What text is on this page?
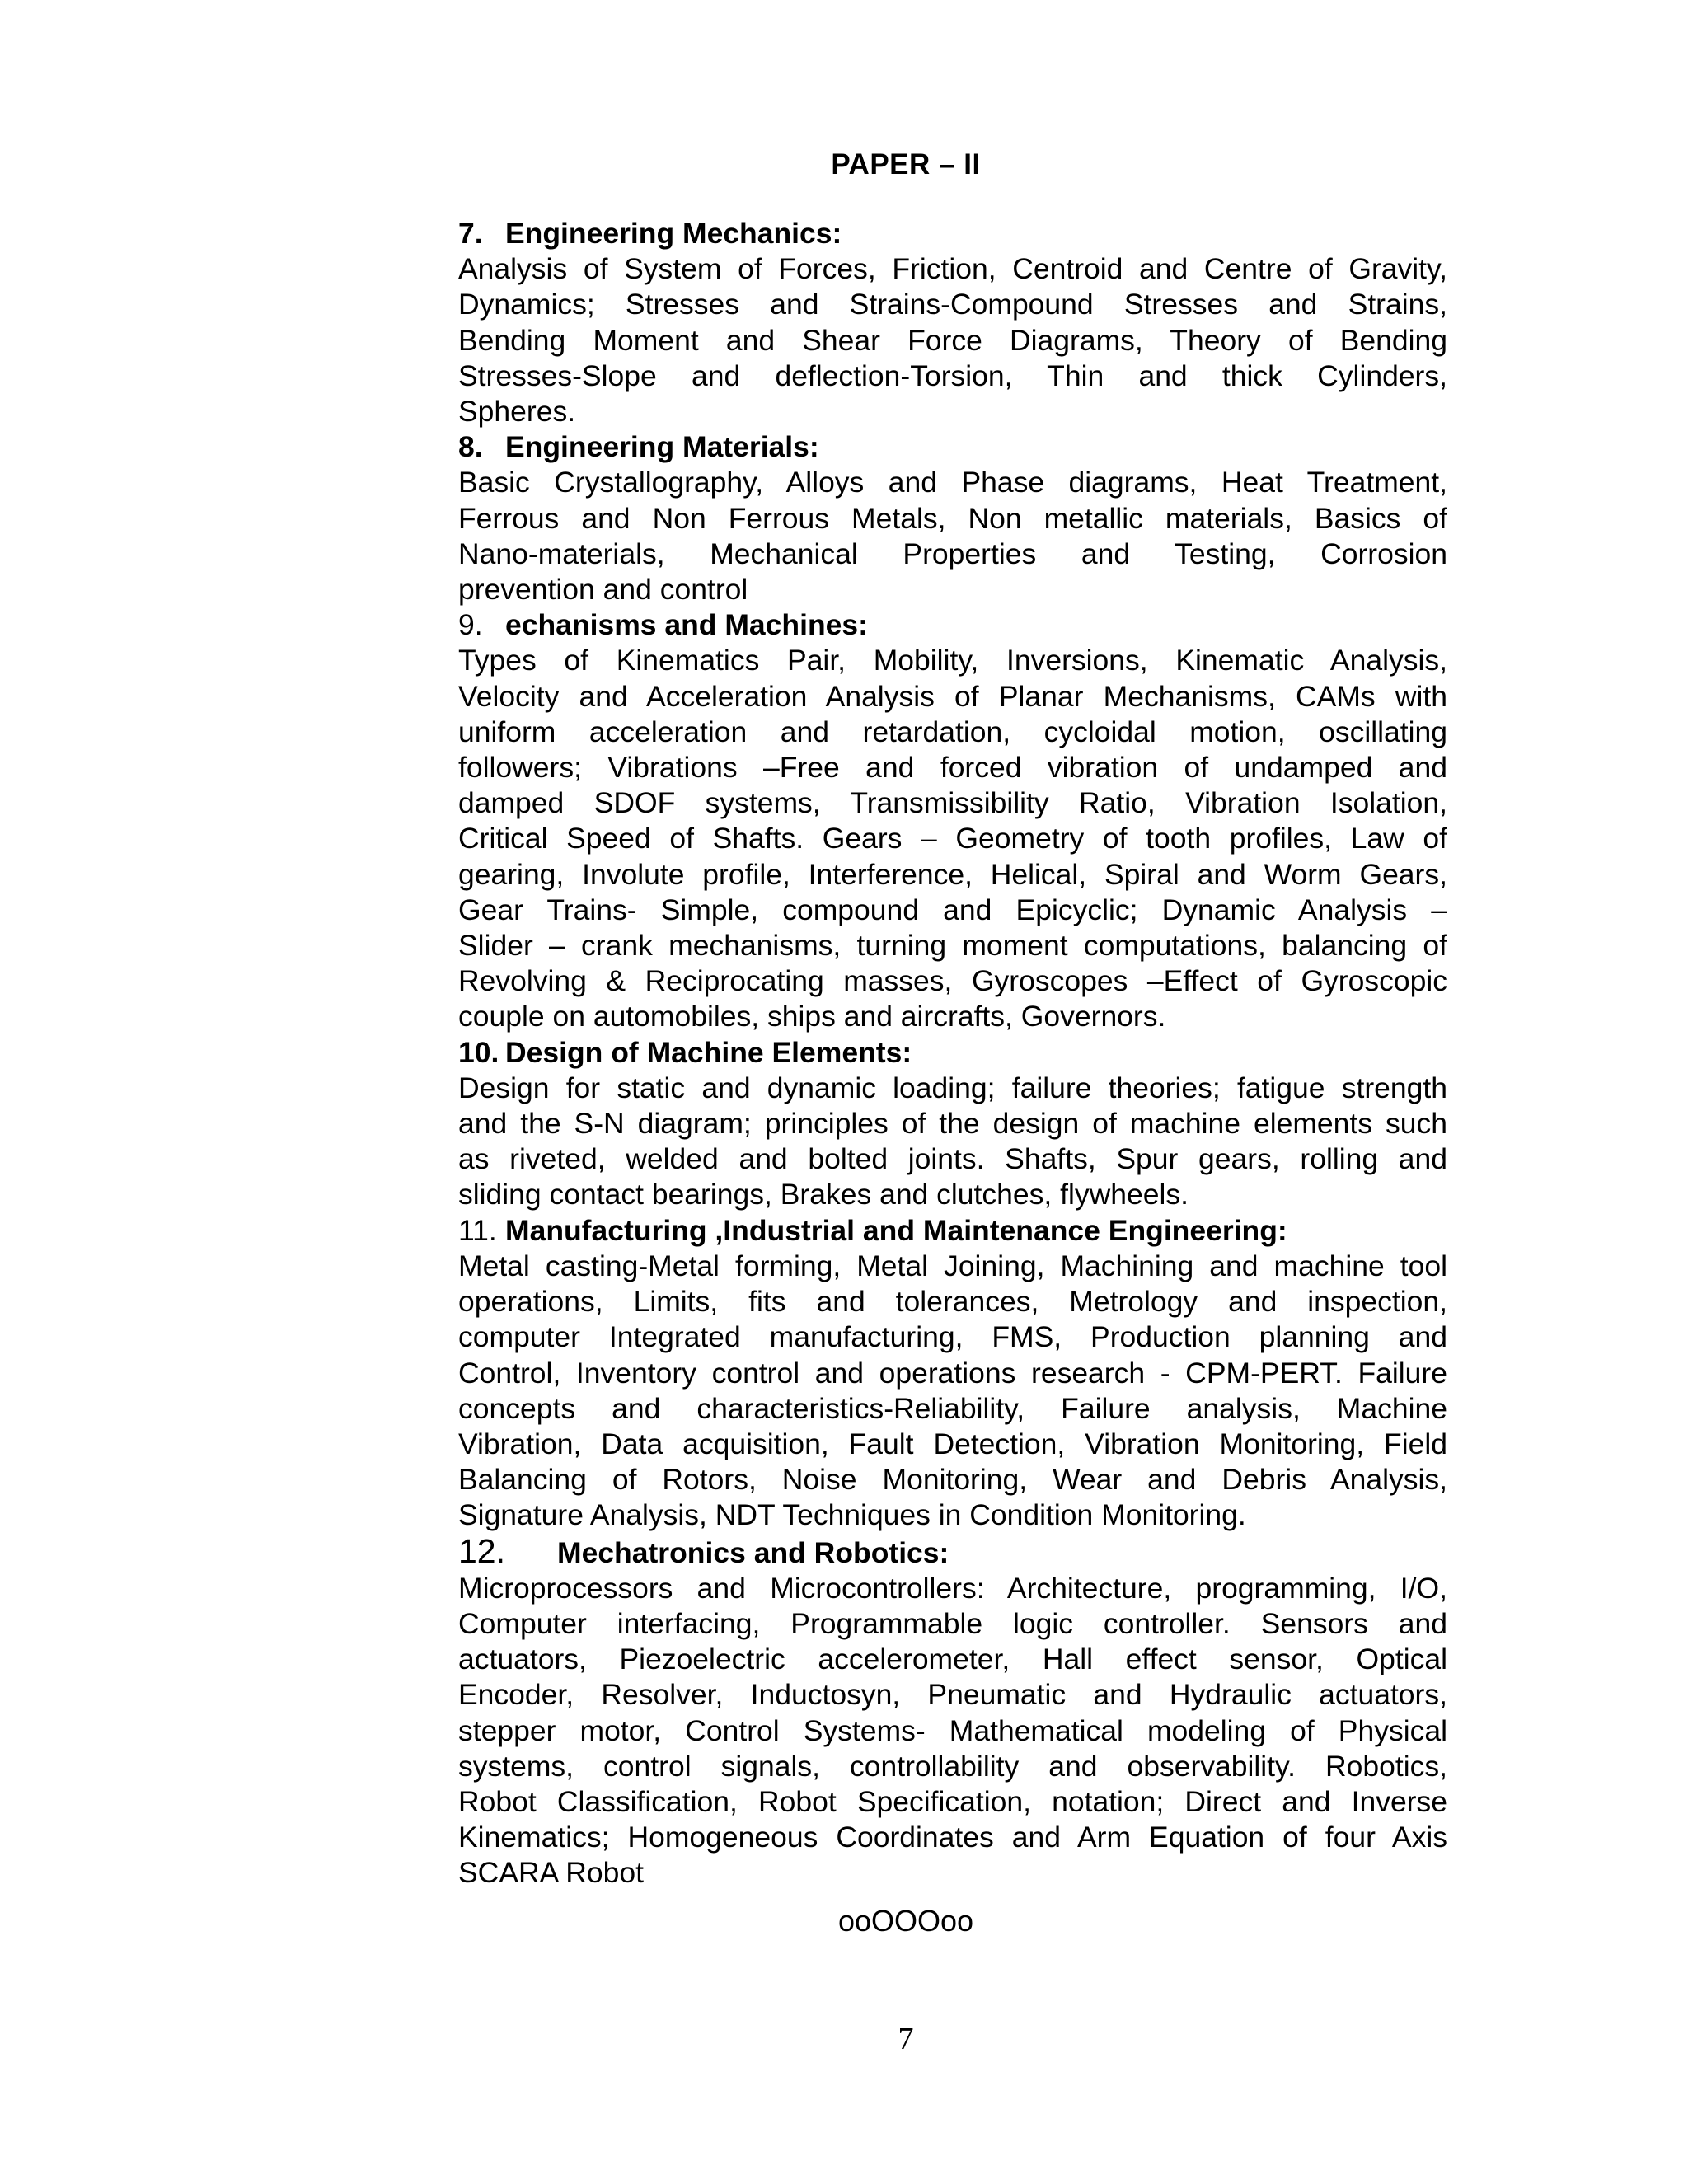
PAPER – II
7. Engineering Mechanics:
Analysis of System of Forces, Friction, Centroid and Centre of Gravity,
Dynamics; Stresses and Strains-Compound Stresses and Strains,
Bending Moment and Shear Force Diagrams, Theory of Bending
Stresses-Slope and deflection-Torsion, Thin and thick Cylinders,
Spheres.
8. Engineering Materials:
Basic Crystallography, Alloys and Phase diagrams, Heat Treatment,
Ferrous and Non Ferrous Metals, Non metallic materials, Basics of
Nano-materials, Mechanical Properties and Testing, Corrosion
prevention and control
9. echanisms and Machines:
Types of Kinematics Pair, Mobility, Inversions, Kinematic Analysis,
Velocity and Acceleration Analysis of Planar Mechanisms, CAMs with
uniform acceleration and retardation, cycloidal motion, oscillating
followers; Vibrations –Free and forced vibration of undamped and
damped SDOF systems, Transmissibility Ratio, Vibration Isolation,
Critical Speed of Shafts. Gears – Geometry of tooth profiles, Law of
gearing, Involute profile, Interference, Helical, Spiral and Worm Gears,
Gear Trains- Simple, compound and Epicyclic; Dynamic Analysis –
Slider – crank mechanisms, turning moment computations, balancing of
Revolving & Reciprocating masses, Gyroscopes –Effect of Gyroscopic
couple on automobiles, ships and aircrafts, Governors.
10. Design of Machine Elements:
Design for static and dynamic loading; failure theories; fatigue strength
and the S-N diagram; principles of the design of machine elements such
as riveted, welded and bolted joints. Shafts, Spur gears, rolling and
sliding contact bearings, Brakes and clutches, flywheels.
11. Manufacturing ,Industrial and Maintenance Engineering:
Metal casting-Metal forming, Metal Joining, Machining and machine tool
operations, Limits, fits and tolerances, Metrology and inspection,
computer Integrated manufacturing, FMS, Production planning and
Control, Inventory control and operations research - CPM-PERT. Failure
concepts and characteristics-Reliability, Failure analysis, Machine
Vibration, Data acquisition, Fault Detection, Vibration Monitoring, Field
Balancing of Rotors, Noise Monitoring, Wear and Debris Analysis,
Signature Analysis, NDT Techniques in Condition Monitoring.
12. Mechatronics and Robotics:
Microprocessors and Microcontrollers: Architecture, programming, I/O,
Computer interfacing, Programmable logic controller. Sensors and
actuators, Piezoelectric accelerometer, Hall effect sensor, Optical
Encoder, Resolver, Inductosyn, Pneumatic and Hydraulic actuators,
stepper motor, Control Systems- Mathematical modeling of Physical
systems, control signals, controllability and observability. Robotics,
Robot Classification, Robot Specification, notation; Direct and Inverse
Kinematics; Homogeneous Coordinates and Arm Equation of four Axis
SCARA Robot
ooOOOoo
7
